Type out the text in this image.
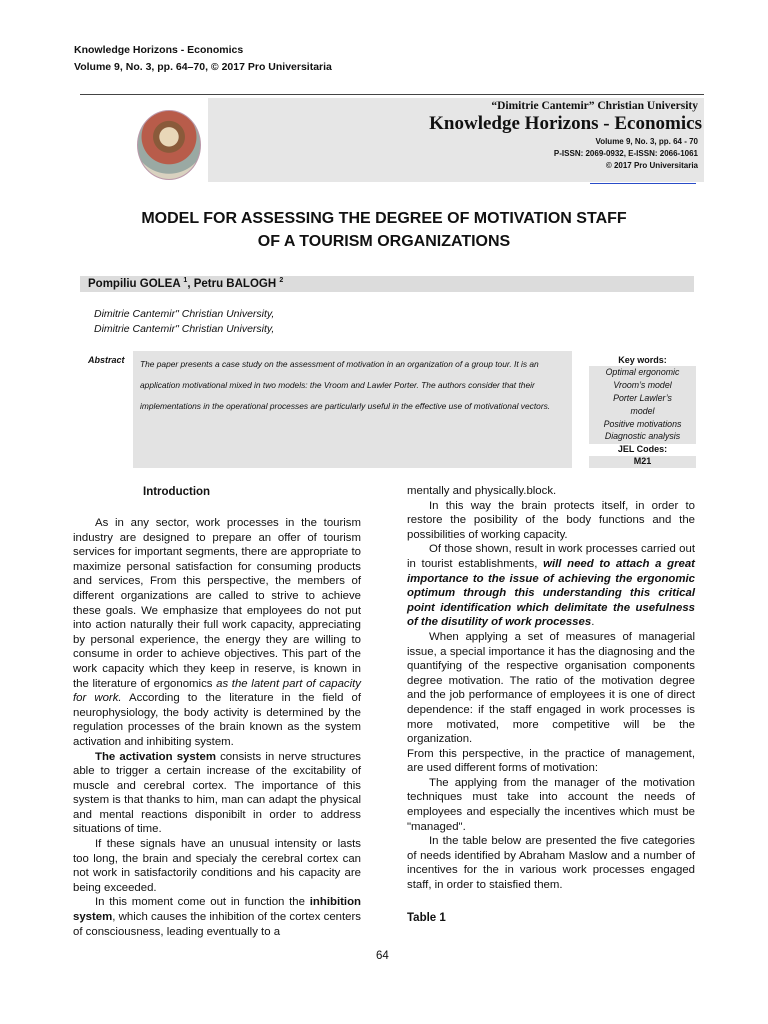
Knowledge Horizons - Economics
Volume 9, No. 3, pp. 64–70, © 2017 Pro Universitaria
“Dimitrie Cantemir” Christian University
Knowledge Horizons - Economics
Volume 9, No. 3, pp. 64 - 70
P-ISSN: 2069-0932, E-ISSN: 2066-1061
© 2017 Pro Universitaria
MODEL FOR ASSESSING THE DEGREE OF MOTIVATION STAFF
OF A TOURISM ORGANIZATIONS
Pompiliu GOLEA $^1$, Petru BALOGH $^2$
Dimitrie Cantemir" Christian University,
Dimitrie Cantemir" Christian University,
Abstract The paper presents a case study on the assessment of motivation in an organization of a group tour. It is an application motivational mixed in two models: the Vroom and Lawler Porter. The authors consider that their implementations in the operational processes are particularly useful in the effective use of motivational vectors.
Key words:
Optimal ergonomic
Vroom’s model
Porter Lawler’s
model
Positive motivations
Diagnostic analysis
JEL Codes:
M21
Introduction

As in any sector, work processes in the tourism industry are designed to prepare an offer of tourism services for important segments, there are appropriate to maximize personal satisfaction for consuming products and services, From this perspective, the members of different organizations are called to strive to achieve these goals. We emphasize that employees do not put into action naturally their full work capacity, appreciating by personal experience, the energy they are willing to consume in order to achieve objectives. This part of the work capacity which they keep in reserve, is known in the literature of ergonomics as the latent part of capacity for work. According to the literature in the field of neurophysiology, the body activity is determined by the regulation processes of the brain known as the system activation and inhibiting system.

The activation system consists in nerve structures able to trigger a certain increase of the excitability of muscle and cerebral cortex. The importance of this system is that thanks to him, man can adapt the physical and mental reactions disponibilt in order to address situations of time.

If these signals have an unusual intensity or lasts too long, the brain and specialy the cerebral cortex can not work in satisfactorily conditions and his capacity are being exceeded.

In this moment come out in function the inhibition system, which causes the inhibition of the cortex centers of consciousness, leading eventually to a

mentally and physically.block.

In this way the brain protects itself, in order to restore the posibility of the body functions and the possibilities of working capacity.

Of those shown, result in work processes carried out in tourist establishments, will need to attach a great importance to the issue of achieving the ergonomic optimum through this understanding this critical point identification which delimitate the usefulness of the disutility of work processes.

When applying a set of measures of managerial issue, a special importance it has the diagnosing and the quantifying of the respective organisation components degree motivation. The ratio of the motivation degree and the job performance of employees it is one of direct dependence: if the staff engaged in work processes is more motivated, more competitive will be the organization.

From this perspective, in the practice of management, are used different forms of motivation:

The applying from the manager of the motivation techniques must take into account the needs of employees and especially the incentives which must be "managed".

In the table below are presented the five categories of needs identified by Abraham Maslow and a number of incentives for the in various work processes engaged staff, in order to staisfied them.

Table 1
64
